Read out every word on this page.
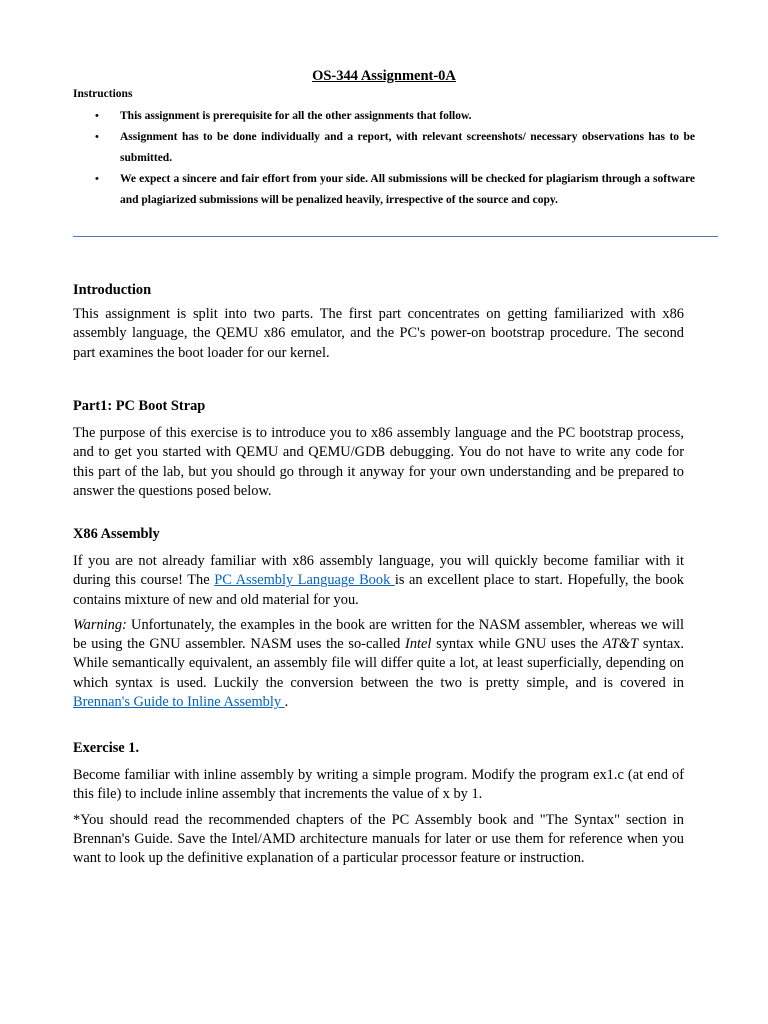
OS-344 Assignment-0A
Instructions
• This assignment is prerequisite for all the other assignments that follow.
• Assignment has to be done individually and a report, with relevant screenshots/ necessary observations has to be submitted.
• We expect a sincere and fair effort from your side. All submissions will be checked for plagiarism through a software and plagiarized submissions will be penalized heavily, irrespective of the source and copy.
Introduction
This assignment is split into two parts. The first part concentrates on getting familiarized with x86 assembly language, the QEMU x86 emulator, and the PC's power-on bootstrap procedure. The second part examines the boot loader for our kernel.
Part1: PC Boot Strap
The purpose of this exercise is to introduce you to x86 assembly language and the PC bootstrap process, and to get you started with QEMU and QEMU/GDB debugging. You do not have to write any code for this part of the lab, but you should go through it anyway for your own understanding and be prepared to answer the questions posed below.
X86 Assembly
If you are not already familiar with x86 assembly language, you will quickly become familiar with it during this course! The PC Assembly Language Book is an excellent place to start. Hopefully, the book contains mixture of new and old material for you.
Warning: Unfortunately, the examples in the book are written for the NASM assembler, whereas we will be using the GNU assembler. NASM uses the so-called Intel syntax while GNU uses the AT&T syntax. While semantically equivalent, an assembly file will differ quite a lot, at least superficially, depending on which syntax is used. Luckily the conversion between the two is pretty simple, and is covered in Brennan's Guide to Inline Assembly .
Exercise 1.
Become familiar with inline assembly by writing a simple program. Modify the program ex1.c (at end of this file) to include inline assembly that increments the value of x by 1.
*You should read the recommended chapters of the PC Assembly book and "The Syntax" section in Brennan's Guide. Save the Intel/AMD architecture manuals for later or use them for reference when you want to look up the definitive explanation of a particular processor feature or instruction.
